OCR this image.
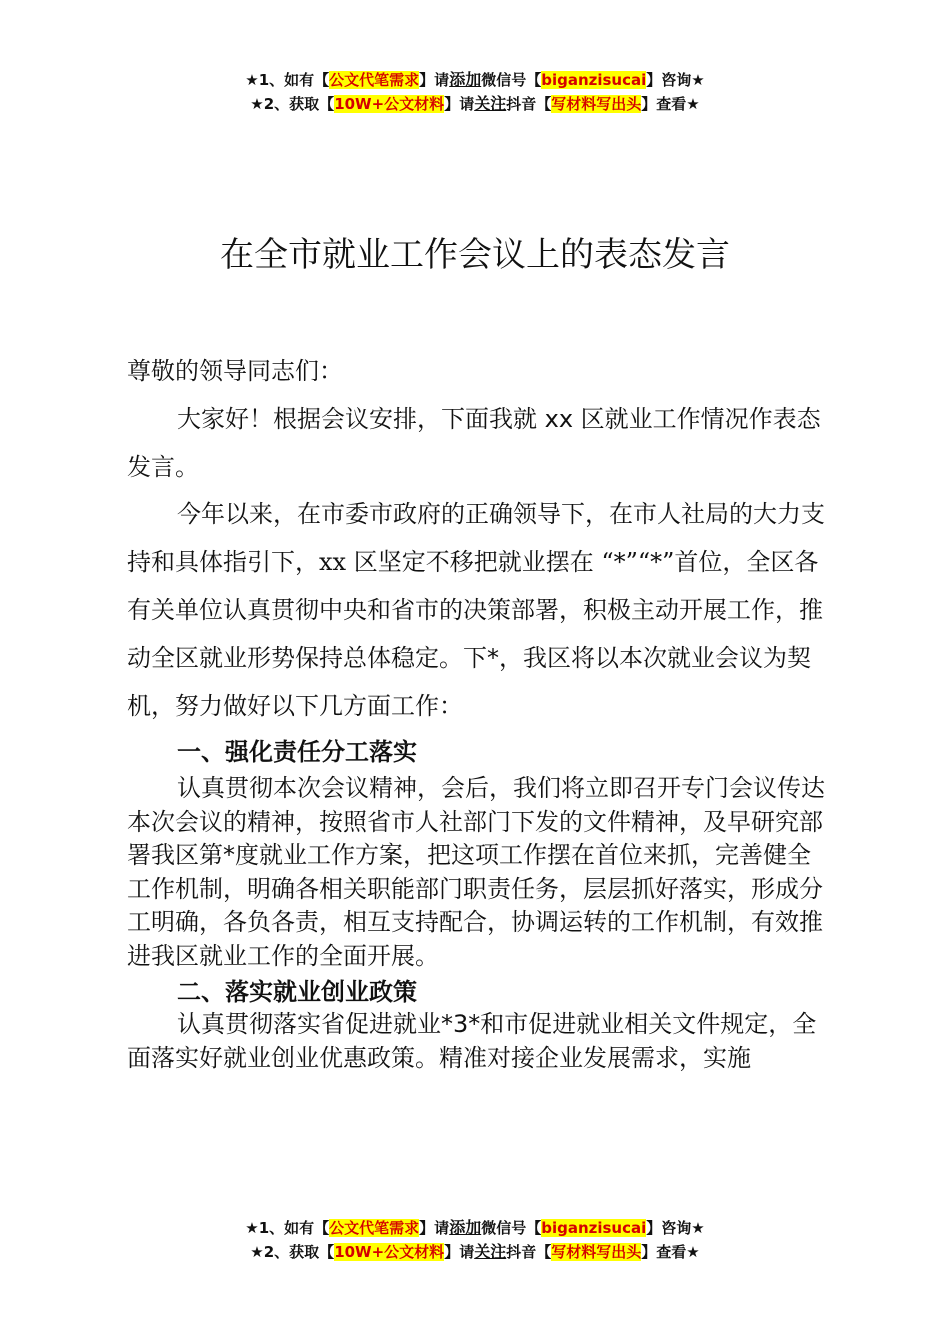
★1、如有【公文代笔需求】请添加微信号【biganzisucai】咨询★
★2、获取【10W+公文材料】请关注抖音【写材料写出头】查看★
在全市就业工作会议上的表态发言

尊敬的领导同志们：

大家好！根据会议安排，下面我就 xx 区就业工作情况作表态发言。

今年以来，在市委市政府的正确领导下，在市人社局的大力支持和具体指引下，xx 区坚定不移把就业摆在 “*”“*”首位，全区各有关单位认真贯彻中央和省市的决策部署，积极主动开展工作，推动全区就业形势保持总体稳定。下*，我区将以本次就业会议为契机，努力做好以下几方面工作：

一、强化责任分工落实

认真贯彻本次会议精神，会后，我们将立即召开专门会议传达本次会议的精神，按照省市人社部门下发的文件精神，及早研究部署我区第*度就业工作方案，把这项工作摆在首位来抓，完善健全工作机制，明确各相关职能部门职责任务，层层抓好落实，形成分工明确，各负各责，相互支持配合，协调运转的工作机制，有效推进我区就业工作的全面开展。

二、落实就业创业政策

认真贯彻落实省促进就业*3*和市促进就业相关文件规定，全面落实好就业创业优惠政策。精准对接企业发展需求，实施

★1、如有【公文代笔需求】请添加微信号【biganzisucai】咨询★
★2、获取【10W+公文材料】请关注抖音【写材料写出头】查看★
